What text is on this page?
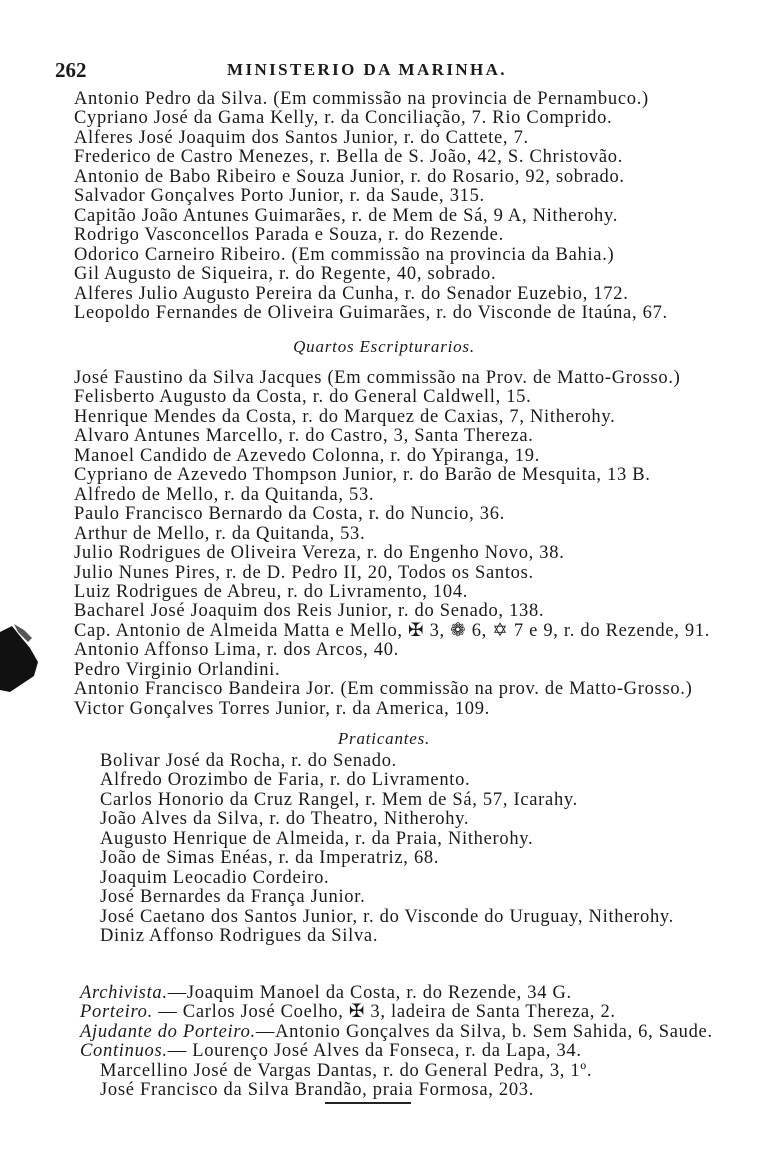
262	MINISTERIO DA MARINHA.
Antonio Pedro da Silva. (Em commissão na provincia de Pernambuco.)
Cypriano José da Gama Kelly, r. da Conciliação, 7. Rio Comprido.
Alferes José Joaquim dos Santos Junior, r. do Cattete, 7.
Frederico de Castro Menezes, r. Bella de S. João, 42, S. Christovão.
Antonio de Babo Ribeiro e Souza Junior, r. do Rosario, 92, sobrado.
Salvador Gonçalves Porto Junior, r. da Saude, 315.
Capitão João Antunes Guimarães, r. de Mem de Sá, 9 A, Nitherohy.
Rodrigo Vasconcellos Parada e Souza, r. do Rezende.
Odorico Carneiro Ribeiro. (Em commissão na provincia da Bahia.)
Gil Augusto de Siqueira, r. do Regente, 40, sobrado.
Alferes Julio Augusto Pereira da Cunha, r. do Senador Euzebio, 172.
Leopoldo Fernandes de Oliveira Guimarães, r. do Visconde de Itaúna, 67.
Quartos Escripturarios.
José Faustino da Silva Jacques (Em commissão na Prov. de Matto-Grosso.)
Felisberto Augusto da Costa, r. do General Caldwell, 15.
Henrique Mendes da Costa, r. do Marquez de Caxias, 7, Nitherohy.
Alvaro Antunes Marcello, r. do Castro, 3, Santa Thereza.
Manoel Candido de Azevedo Colonna, r. do Ypiranga, 19.
Cypriano de Azevedo Thompson Junior, r. do Barão de Mesquita, 13 B.
Alfredo de Mello, r. da Quitanda, 53.
Paulo Francisco Bernardo da Costa, r. do Nuncio, 36.
Arthur de Mello, r. da Quitanda, 53.
Julio Rodrigues de Oliveira Vereza, r. do Engenho Novo, 38.
Julio Nunes Pires, r. de D. Pedro II, 20, Todos os Santos.
Luiz Rodrigues de Abreu, r. do Livramento, 104.
Bacharel José Joaquim dos Reis Junior, r. do Senado, 138.
Cap. Antonio de Almeida Matta e Mello, ✠ 3, ❁ 6, ✡ 7 e 9, r. do Rezende, 91.
Antonio Affonso Lima, r. dos Arcos, 40.
Pedro Virginio Orlandini.
Antonio Francisco Bandeira Jor. (Em commissão na prov. de Matto-Grosso.)
Victor Gonçalves Torres Junior, r. da America, 109.
Praticantes.
Bolivar José da Rocha, r. do Senado.
Alfredo Orozimbo de Faria, r. do Livramento.
Carlos Honorio da Cruz Rangel, r. Mem de Sá, 57, Icarahy.
João Alves da Silva, r. do Theatro, Nitherohy.
Augusto Henrique de Almeida, r. da Praia, Nitherohy.
João de Simas Enéas, r. da Imperatriz, 68.
Joaquim Leocadio Cordeiro.
José Bernardes da França Junior.
José Caetano dos Santos Junior, r. do Visconde do Uruguay, Nitherohy.
Diniz Affonso Rodrigues da Silva.
Archivista.—Joaquim Manoel da Costa, r. do Rezende, 34 G.
Porteiro. — Carlos José Coelho, ✠ 3, ladeira de Santa Thereza, 2.
Ajudante do Porteiro.—Antonio Gonçalves da Silva, b. Sem Sahida, 6, Saude.
Continuos.— Lourenço José Alves da Fonseca, r. da Lapa, 34.
Marcellino José de Vargas Dantas, r. do General Pedra, 3, 1º.
José Francisco da Silva Brandão, praia Formosa, 203.
